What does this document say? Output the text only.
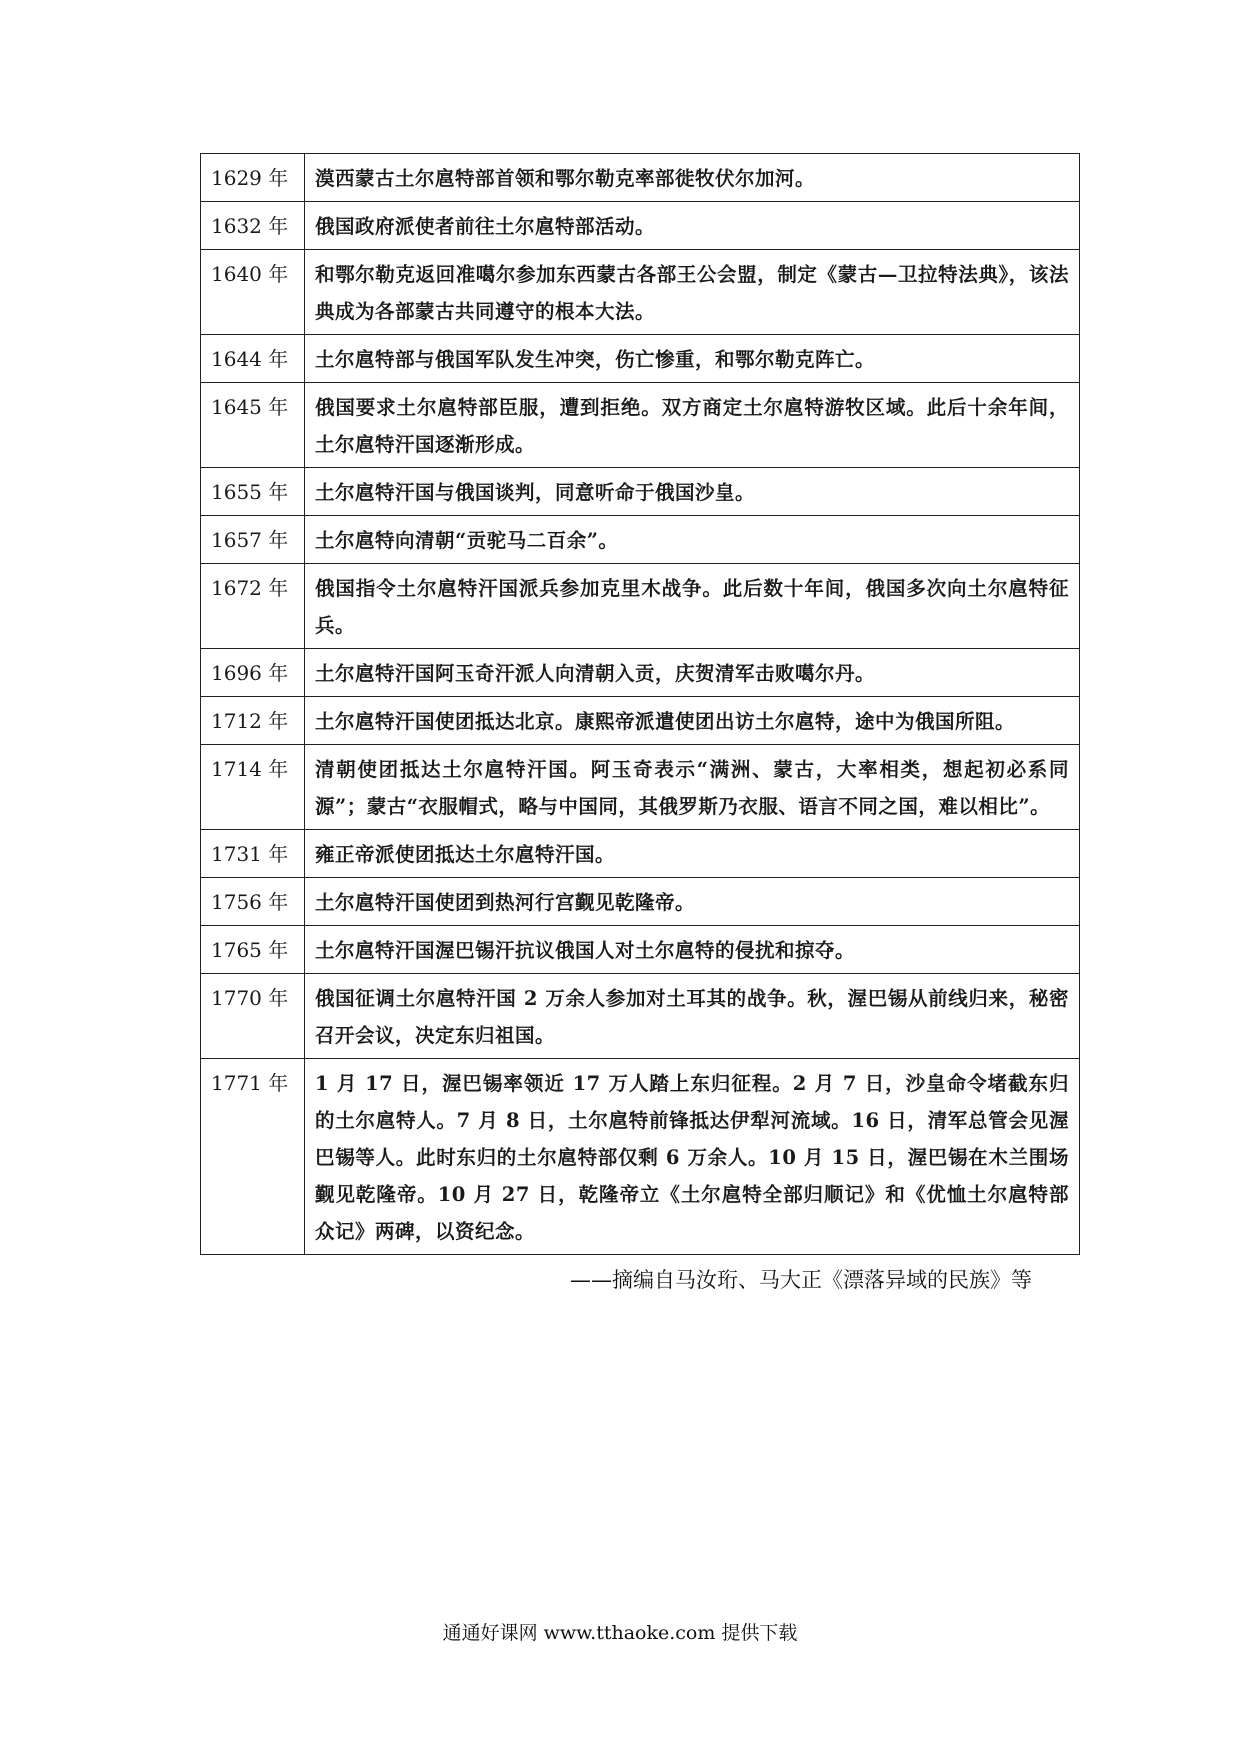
1629 年	漠西蒙古土尔扈特部首领和鄂尔勒克率部徙牧伏尔加河。
1632 年	俄国政府派使者前往土尔扈特部活动。
1640 年	和鄂尔勒克返回准噶尔参加东西蒙古各部王公会盟，制定《蒙古—卫拉特法典》，该法典成为各部蒙古共同遵守的根本大法。
1644 年	土尔扈特部与俄国军队发生冲突，伤亡惨重，和鄂尔勒克阵亡。
1645 年	俄国要求土尔扈特部臣服，遭到拒绝。双方商定土尔扈特游牧区域。此后十余年间，土尔扈特汗国逐渐形成。
1655 年	土尔扈特汗国与俄国谈判，同意听命于俄国沙皇。
1657 年	土尔扈特向清朝“贡驼马二百余”。
1672 年	俄国指令土尔扈特汗国派兵参加克里木战争。此后数十年间，俄国多次向土尔扈特征兵。
1696 年	土尔扈特汗国阿玉奇汗派人向清朝入贡，庆贺清军击败噶尔丹。
1712 年	土尔扈特汗国使团抵达北京。康熙帝派遣使团出访土尔扈特，途中为俄国所阻。
1714 年	清朝使团抵达土尔扈特汗国。阿玉奇表示“满洲、蒙古，大率相类，想起初必系同源”；蒙古“衣服帽式，略与中国同，其俄罗斯乃衣服、语言不同之国，难以相比”。
1731 年	雍正帝派使团抵达土尔扈特汗国。
1756 年	土尔扈特汗国使团到热河行宫觐见乾隆帝。
1765 年	土尔扈特汗国渥巴锡汗抗议俄国人对土尔扈特的侵扰和掠夺。
1770 年	俄国征调土尔扈特汗国 2 万余人参加对土耳其的战争。秋，渥巴锡从前线归来，秘密召开会议，决定东归祖国。
1771 年	1 月 17 日，渥巴锡率领近 17 万人踏上东归征程。2 月 7 日，沙皇命令堵截东归的土尔扈特人。7 月 8 日，土尔扈特前锋抵达伊犁河流域。16 日，清军总管会见渥巴锡等人。此时东归的土尔扈特部仅剩 6 万余人。10 月 15 日，渥巴锡在木兰围场觐见乾隆帝。10 月 27 日，乾隆帝立《土尔扈特全部归顺记》和《优恤土尔扈特部众记》两碑，以资纪念。
——摘编自马汝珩、马大正《漂落异域的民族》等
通通好课网 www.tthaoke.com 提供下载
